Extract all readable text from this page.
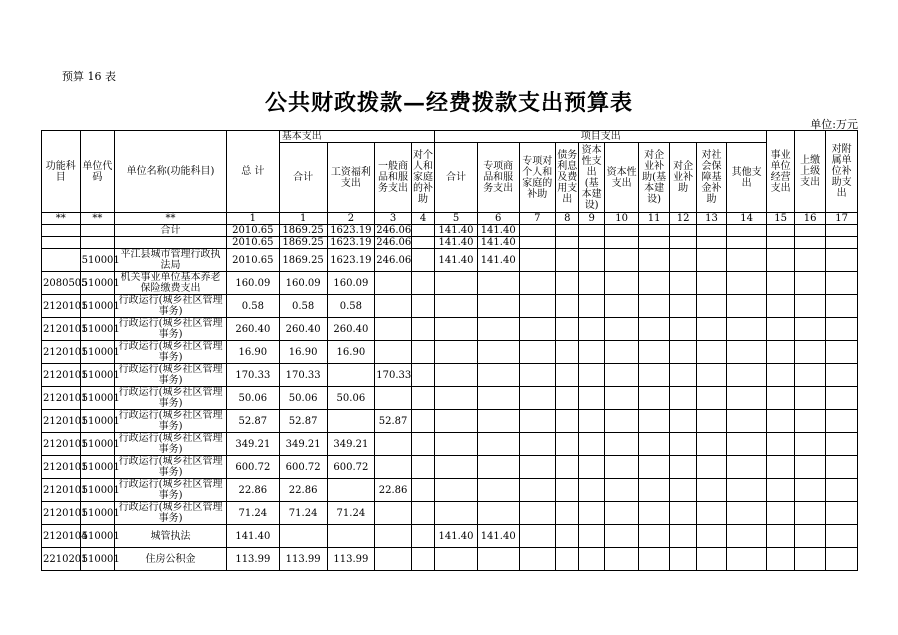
预算 16 表
公共财政拨款—经费拨款支出预算表
单位:万元
功能科目	单位代码	单位名称(功能科目)	总 计	基本支出				项目支出										事业单位经营支出	上缴上级支出	对附属单位补助支出
				合计	工资福利支出	一般商品和服务支出	对个人和家庭的补助	合计	专项商品和服务支出	专项对个人和家庭的补助	债务利息及费用支出	资本性支出(基本建设)	资本性支出	对企业补助(基本建设)	对企业补助	对社会保障基金补助	其他支出			
**	**	**	1	1	2	3	4	5	6	7	8	9	10	11	12	13	14	15	16	17
		合计	2010.65	1869.25	1623.19	246.06		141.40	141.40											
			2010.65	1869.25	1623.19	246.06		141.40	141.40											
	510001	平江县城市管理行政执法局	2010.65	1869.25	1623.19	246.06		141.40	141.40											
2080505	510001	机关事业单位基本养老保险缴费支出	160.09	160.09	160.09															
2120101	510001	行政运行(城乡社区管理事务)	0.58	0.58	0.58															
2120101	510001	行政运行(城乡社区管理事务)	260.40	260.40	260.40															
2120101	510001	行政运行(城乡社区管理事务)	16.90	16.90	16.90															
2120101	510001	行政运行(城乡社区管理事务)	170.33	170.33		170.33														
2120101	510001	行政运行(城乡社区管理事务)	50.06	50.06	50.06															
2120101	510001	行政运行(城乡社区管理事务)	52.87	52.87		52.87														
2120101	510001	行政运行(城乡社区管理事务)	349.21	349.21	349.21															
2120101	510001	行政运行(城乡社区管理事务)	600.72	600.72	600.72															
2120101	510001	行政运行(城乡社区管理事务)	22.86	22.86		22.86														
2120101	510001	行政运行(城乡社区管理事务)	71.24	71.24	71.24															
2120104	510001	城管执法	141.40					141.40	141.40											
2210201	510001	住房公积金	113.99	113.99	113.99															
